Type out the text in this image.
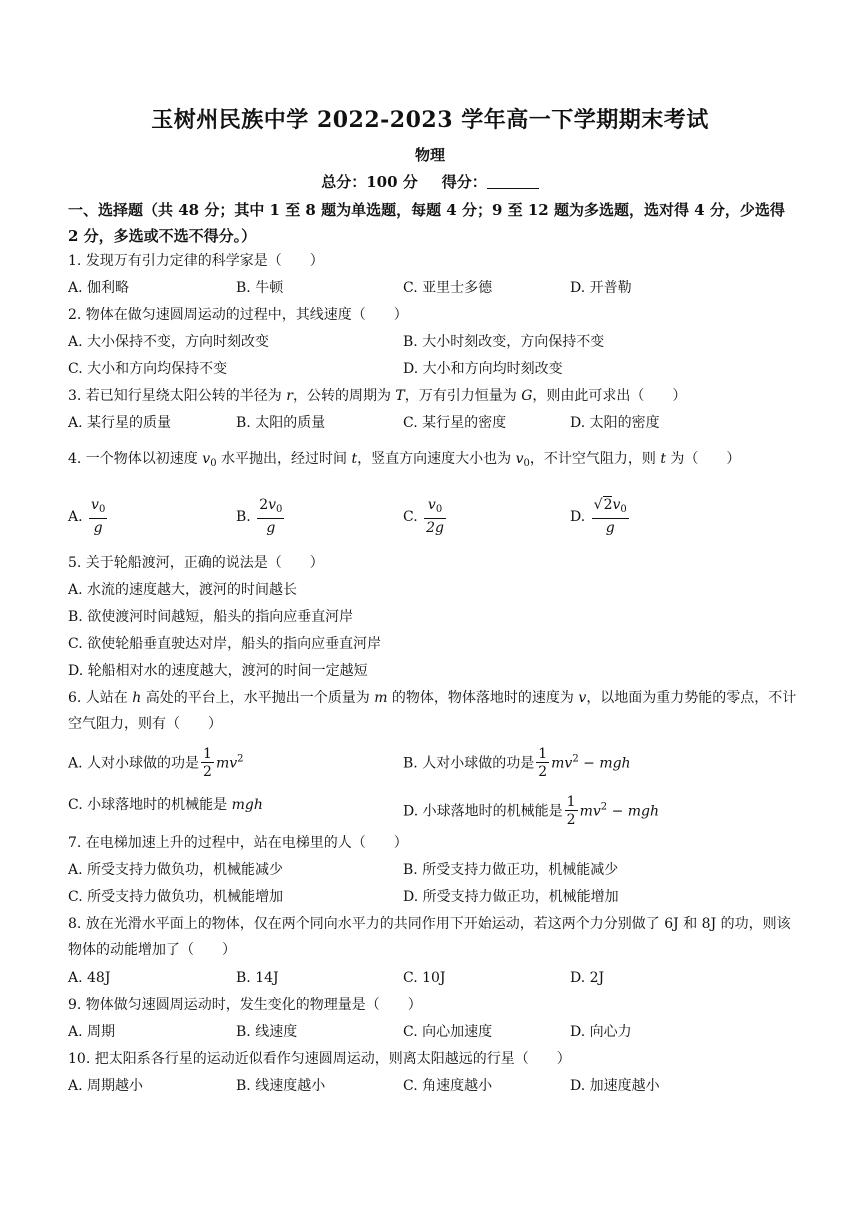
玉树州民族中学 2022-2023 学年高一下学期期末考试
物理
总分：100 分 得分：
一、选择题（共 48 分；其中 1 至 8 题为单选题，每题 4 分；9 至 12 题为多选题，选对得 4 分，少选得 2 分，多选或不选不得分。）
1. 发现万有引力定律的科学家是（　　）
A. 伽利略	B. 牛顿	C. 亚里士多德	D. 开普勒
2. 物体在做匀速圆周运动的过程中，其线速度（　　）
A. 大小保持不变，方向时刻改变	B. 大小时刻改变，方向保持不变
C. 大小和方向均保持不变	D. 大小和方向均时刻改变
3. 若已知行星绕太阳公转的半径为 r，公转的周期为 T，万有引力恒量为 G，则由此可求出（　　）
A. 某行星的质量	B. 太阳的质量	C. 某行星的密度	D. 太阳的密度
4. 一个物体以初速度 $v_0$ 水平抛出，经过时间 t，竖直方向速度大小也为 $v_0$，不计空气阻力，则 t 为（　　）
A. $\frac{v_0}{g}$	B. $\frac{2v_0}{g}$	C. $\frac{v_0}{2g}$	D. $\frac{√2v_0}{g}$
5. 关于轮船渡河，正确的说法是（　　）
A. 水流的速度越大，渡河的时间越长
B. 欲使渡河时间越短，船头的指向应垂直河岸
C. 欲使轮船垂直驶达对岸，船头的指向应垂直河岸
D. 轮船相对水的速度越大，渡河的时间一定越短
6. 人站在 h 高处的平台上，水平抛出一个质量为 m 的物体，物体落地时的速度为 v，以地面为重力势能的零点，不计空气阻力，则有（　　）
A. 人对小球做的功是 $\frac{1}{2} mv^2$	B. 人对小球做的功是 $\frac{1}{2} mv^2$ − mgh
C. 小球落地时的机械能是 mgh	D. 小球落地时的机械能是 $\frac{1}{2} mv^2$ − mgh
7. 在电梯加速上升的过程中，站在电梯里的人（　　）
A. 所受支持力做负功，机械能减少	B. 所受支持力做正功，机械能减少
C. 所受支持力做负功，机械能增加	D. 所受支持力做正功，机械能增加
8. 放在光滑水平面上的物体，仅在两个同向水平力的共同作用下开始运动，若这两个力分别做了 6J 和 8J 的功，则该物体的动能增加了（　　）
A. 48J	B. 14J	C. 10J	D. 2J
9. 物体做匀速圆周运动时，发生变化的物理量是（　　）
A. 周期	B. 线速度	C. 向心加速度	D. 向心力
10. 把太阳系各行星的运动近似看作匀速圆周运动，则离太阳越远的行星（　　）
A. 周期越小	B. 线速度越小	C. 角速度越小	D. 加速度越小
